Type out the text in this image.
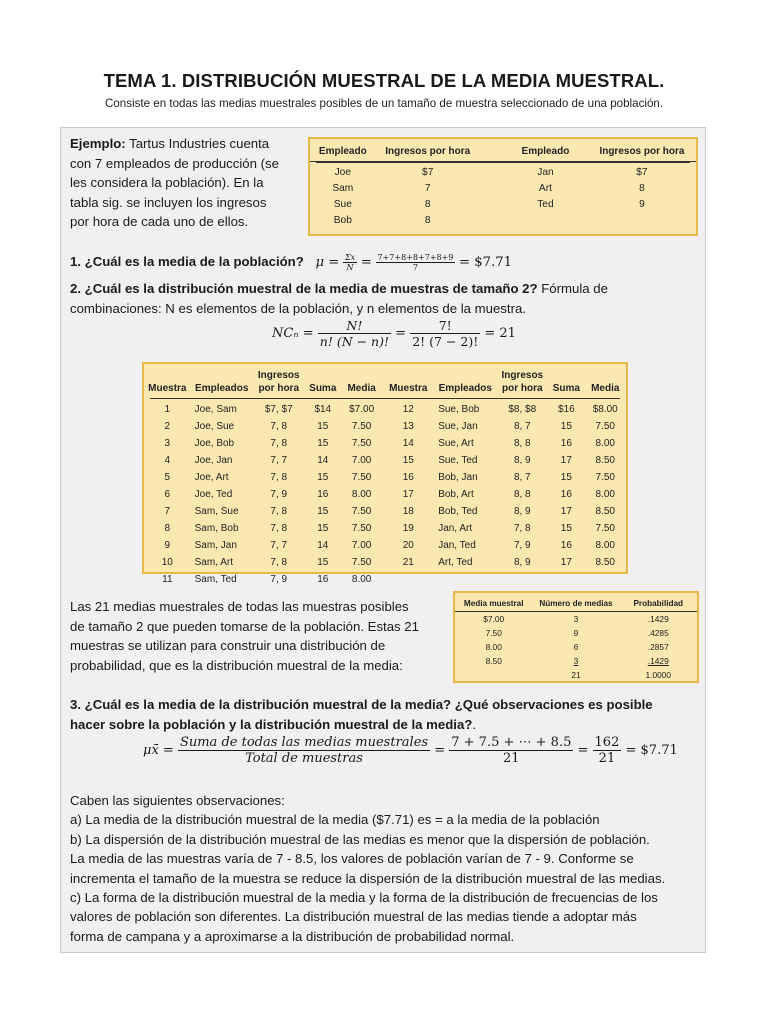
TEMA 1. DISTRIBUCIÓN MUESTRAL DE LA MEDIA MUESTRAL.
Consiste en todas las medias muestrales posibles de un tamaño de muestra seleccionado de una población.
Ejemplo: Tartus Industries cuenta
con 7 empleados de producción (se
les considera la población). En la
tabla sig. se incluyen los ingresos
por hora de cada uno de ellos.
Empleado	Ingresos por hora		Empleado	Ingresos por hora
Joe	$7		Jan	$7
Sam	7		Art	8
Sue	8		Ted	9
Bob	8			
1. ¿Cuál es la media de la población? $\mu = \frac{\Sigma x}{N} = \frac{7+7+8+8+7+8+9}{7}$ = $7.71
2. ¿Cuál es la distribución muestral de la media de muestras de tamaño 2? Fórmula de
combinaciones: N es elementos de la población, y n elementos de la muestra.
$NC_n = \frac{N!}{n! (N - n)!} = \frac{7!}{2! (7 - 2)!} = 21$
		Ingresos					Ingresos		
Muestra	Empleados	por hora	Suma	Media	Muestra	Empleados	por hora	Suma	Media
1	Joe, Sam	$7, $7	$14	$7.00	12	Sue, Bob	$8, $8	$16	$8.00
2	Joe, Sue	7, 8	15	7.50	13	Sue, Jan	8, 7	15	7.50
3	Joe, Bob	7, 8	15	7.50	14	Sue, Art	8, 8	16	8.00
4	Joe, Jan	7, 7	14	7.00	15	Sue, Ted	8, 9	17	8.50
5	Joe, Art	7, 8	15	7.50	16	Bob, Jan	8, 7	15	7.50
6	Joe, Ted	7, 9	16	8.00	17	Bob, Art	8, 8	16	8.00
7	Sam, Sue	7, 8	15	7.50	18	Bob, Ted	8, 9	17	8.50
8	Sam, Bob	7, 8	15	7.50	19	Jan, Art	7, 8	15	7.50
9	Sam, Jan	7, 7	14	7.00	20	Jan, Ted	7, 9	16	8.00
10	Sam, Art	7, 8	15	7.50	21	Art, Ted	8, 9	17	8.50
11	Sam, Ted	7, 9	16	8.00					
Las 21 medias muestrales de todas las muestras posibles
de tamaño 2 que pueden tomarse de la población. Estas 21
muestras se utilizan para construir una distribución de
probabilidad, que es la distribución muestral de la media:
Media muestral	Número de medias	Probabilidad
$7.00	3	.1429
7.50	9	.4285
8.00	6	.2857
8.50	3	.1429
	21	1.0000
3. ¿Cuál es la media de la distribución muestral de la media? ¿Qué observaciones es posible
hacer sobre la población y la distribución muestral de la media?.
μx̄ = $\frac{\text{Suma de todas las medias muestrales}}{\text{Total de muestras}} = \frac{7 + 7.5 + \cdots + 8.5}{21} = \frac{162}{21}$ = $7.71
Caben las siguientes observaciones:
a) La media de la distribución muestral de la media ($7.71) es = a la media de la población
b) La dispersión de la distribución muestral de las medias es menor que la dispersión de población.
La media de las muestras varía de 7 - 8.5, los valores de población varían de 7 - 9. Conforme se
incrementa el tamaño de la muestra se reduce la dispersión de la distribución muestral de las medias.
c) La forma de la distribución muestral de la media y la forma de la distribución de frecuencias de los
valores de población son diferentes. La distribución muestral de las medias tiende a adoptar más
forma de campana y a aproximarse a la distribución de probabilidad normal.
